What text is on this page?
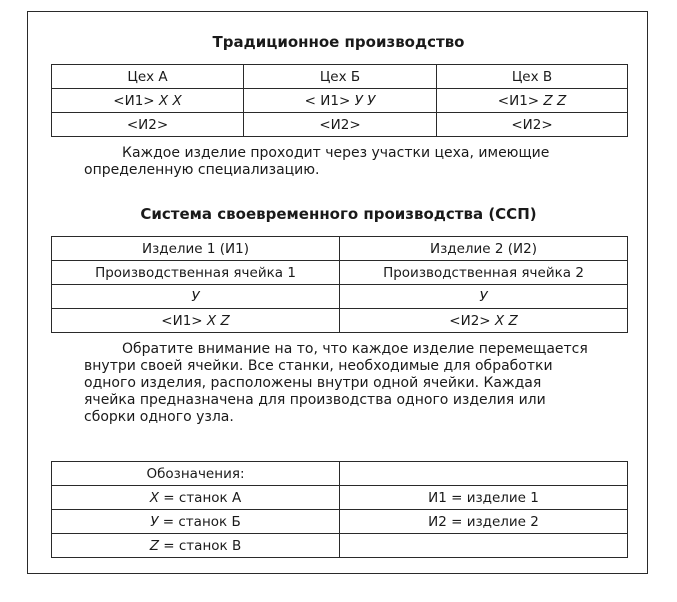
Традиционное производство
Цех А	Цех Б	Цех В
<И1> X X	< И1> У У	<И1> Z Z
<И2>	<И2>	<И2>
Каждое изделие проходит через участки цеха, имеющие
определенную специализацию.
Система своевременного производства (ССП)
Изделие 1 (И1)	Изделие 2 (И2)
Производственная ячейка 1	Производственная ячейка 2
У	У
<И1> X Z	<И2> X Z
Обратите внимание на то, что каждое изделие перемещается
внутри своей ячейки. Все станки, необходимые для обработки
одного изделия, расположены внутри одной ячейки. Каждая
ячейка предназначена для производства одного изделия или
сборки одного узла.
Обозначения:	
X = станок А	И1 = изделие 1
У = станок Б	И2 = изделие 2
Z = станок В	
